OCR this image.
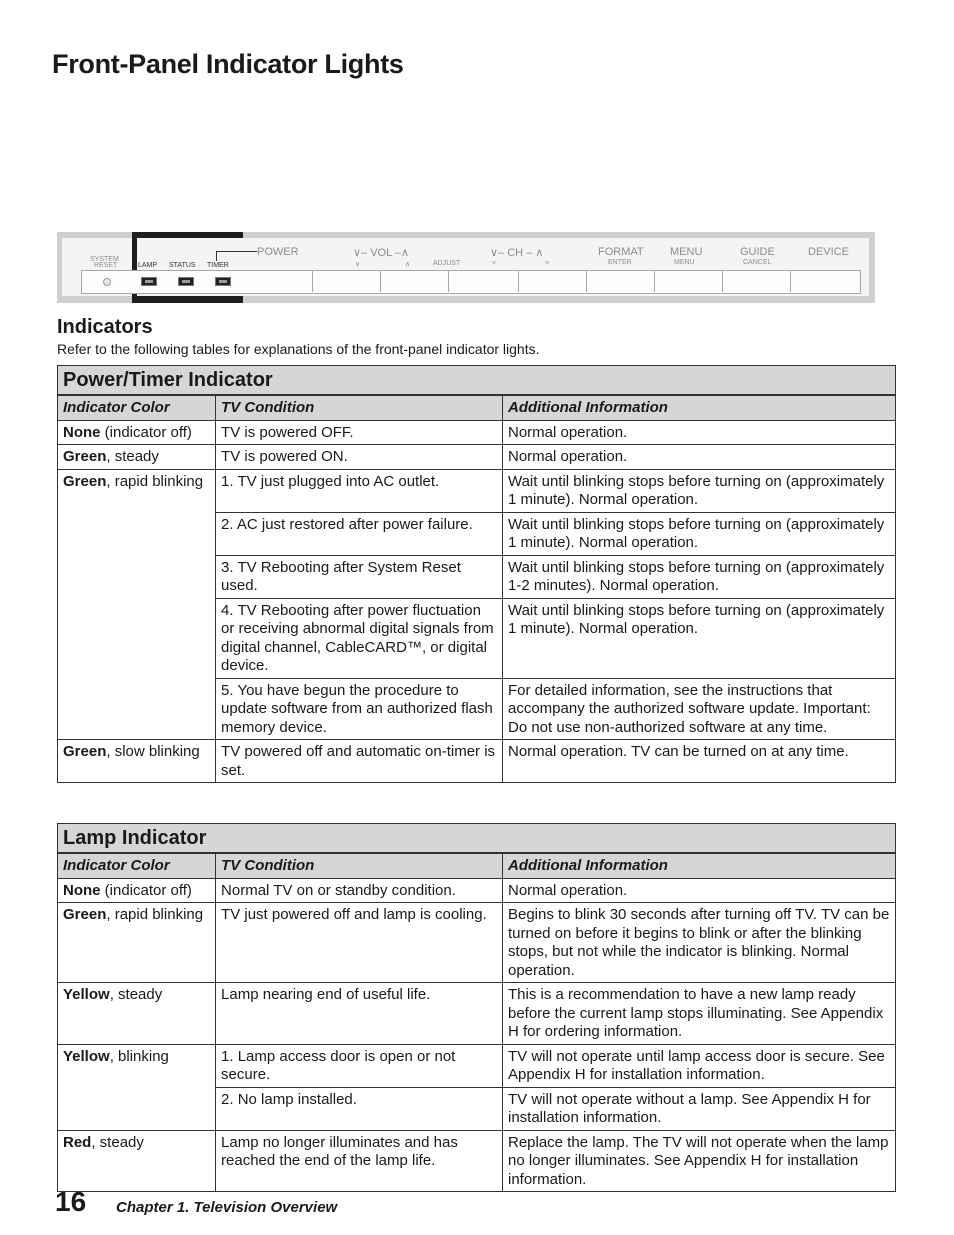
Front-Panel Indicator Lights
SYSTEM
RESET	LAMP STATUS TIMER
POWER	∨– VOL –∧
∨	∧	ADJUST
∨– CH – ∧
<	>
FORMAT
ENTER
MENU
MENU
GUIDE
CANCEL
DEVICE
Indicators

Refer to the following tables for explanations of the front-panel indicator lights.

Power/Timer Indicator		
Indicator Color	TV Condition	Additional Information
None (indicator off)	TV is powered OFF.	Normal operation.
Green, steady	TV is powered ON.	Normal operation.
Green, rapid blinking	1. TV just plugged into AC outlet.	Wait until blinking stops before turning on (approximately 1 minute). Normal operation.
	2. AC just restored after power failure.	Wait until blinking stops before turning on (approximately 1 minute). Normal operation.
	3. TV Rebooting after System Reset used.	Wait until blinking stops before turning on (approximately 1-2 minutes). Normal operation.
	4. TV Rebooting after power fluctuation or receiving abnormal digital signals from digital channel, CableCARD™, or digital device.	Wait until blinking stops before turning on (approximately 1 minute). Normal operation.
	5. You have begun the procedure to update software from an authorized flash memory device.	For detailed information, see the instructions that accompany the authorized software update. Important: Do not use non-authorized software at any time.
Green, slow blinking	TV powered off and automatic on-timer is set.	Normal operation. TV can be turned on at any time.
Lamp Indicator		
Indicator Color	TV Condition	Additional Information
None (indicator off)	Normal TV on or standby condition.	Normal operation.
Green, rapid blinking	TV just powered off and lamp is cooling.	Begins to blink 30 seconds after turning off TV. TV can be turned on before it begins to blink or after the blinking stops, but not while the indicator is blinking. Normal operation.
Yellow, steady	Lamp nearing end of useful life.	This is a recommendation to have a new lamp ready before the current lamp stops illuminating. See Appendix H for ordering information.
Yellow, blinking	1. Lamp access door is open or not secure.	TV will not operate until lamp access door is secure. See Appendix H for installation information.
	2. No lamp installed.	TV will not operate without a lamp. See Appendix H for installation information.
Red, steady	Lamp no longer illuminates and has reached the end of the lamp life.	Replace the lamp. The TV will not operate when the lamp no longer illuminates. See Appendix H for installation information.

16 Chapter 1. Television Overview
